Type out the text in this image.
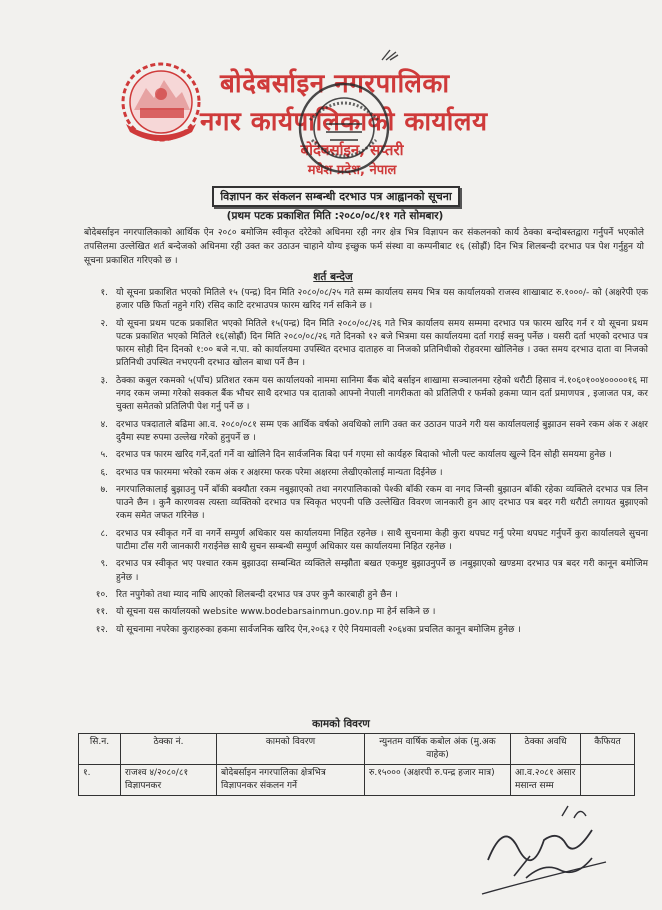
बोदेबर्साइन नगरपालिका
नगर कार्यपालिकाको कार्यालय
बोदेबर्साइन, सप्तरी
मधेश प्रदेश, नेपाल
विज्ञापन कर संकलन सम्बन्धी दरभाउ पत्र आह्वानको सूचना
(प्रथम पटक प्रकाशित मिति :२०८०/०८/११ गते सोमबार)
बोदेबर्साइन नगरपालिकाको आर्थिक ऐन २०८० बमोजिम स्वीकृत दरेटेको अधिनमा रही नगर क्षेत्र भित्र विज्ञापन कर संकलनको कार्य ठेक्का बन्दोबस्तद्वारा गर्नुपर्ने भएकोले तपसिलमा उल्लेखित शर्त बन्देजको अधिनमा रही उक्त कर उठाउन चाहाने योग्य इच्छुक फर्म संस्था वा कम्पनीबाट १६ (सोह्रौं) दिन भित्र शिलबन्दी दरभाउ पत्र पेश गर्नुहुन यो सूचना प्रकाशित गरिएको छ ।
शर्त बन्देज
१. यो सूचना प्रकाशित भएको मितिले १५ (पन्द्र) दिन मिति २०८०/०८/२५ गते सम्म कार्यालय समय भित्र यस कार्यालयको राजस्व शाखाबाट रु.१०००/- को (अक्षरेपी एक हजार पछि फिर्ता नहुने गरि) रसिद काटि दरभाउपत्र फारम खरिद गर्न सकिने छ ।
२. यो सूचना प्रथम पटक प्रकाशित भएको मितिले १५(पन्द्र) दिन मिति २०८०/०८/२६ गते भित्र कार्यालय समय सम्ममा दरभाउ पत्र फारम खरिद गर्न र यो सूचना प्रथम पटक प्रकाशित भएको मितिले १६(सोह्रौं) दिन मिति २०८०/०८/२६ गते दिनको १२ बजे भित्रमा यस कार्यालयमा दर्ता गराई सक्नु पर्नेछ । यसरी दर्ता भएको दरभाउ पत्र फारम सोही दिन दिनको १:०० बजे न.पा. को कार्यालयमा उपस्थित दरभाउ दाताहरु वा निजको प्रतिनिधीको रोहवरमा खोलिनेछ । उक्त समय दरभाउ दाता वा निजको प्रतिनिधी उपस्थित नभएपनी दरभाउ खोलन बाधा पर्ने छैन ।
३. ठेक्का कबुल रकमको ५(पाँच) प्रतिशत रकम यस कार्यालयको नाममा सानिमा बैंक बोदे बर्साइन शाखामा सञ्चालनमा रहेको धरौटी हिसाव नं.१०६०१००४०००००१६ मा नगद रकम जम्मा गरेको सक्कल बैंक भौचर साथै दरभाउ पत्र दाताको आफ्नो नेपाली नागरीकता को प्रतिलिपी र फर्मको हकमा प्यान दर्ता प्रमाणपत्र , इजाजत पत्र, कर चुक्ता समेतको प्रतिलिपी पेश गर्नु पर्ने छ ।
४. दरभाउ पत्रदाताले बढिमा आ.व. २०८०/०८१ सम्म एक आर्थिक वर्षको अवधिको लागि उक्त कर उठाउन पाउने गरी यस कार्यालयलाई बुझाउन सक्ने रकम अंक र अक्षर दुवैमा स्पष्ट रुपमा उल्लेख गरेको हुनुपर्ने छ ।
५. दरभाउ पत्र फारम खरिद गर्ने,दर्ता गर्ने वा खोलिने दिन सार्वजनिक बिदा पर्न गएमा सो कार्यहरु बिदाको भोली पल्ट कार्यालय खुल्ने दिन सोही समयमा हुनेछ ।
६. दरभाउ पत्र फारममा भरेको रकम अंक र अक्षरमा फरक परेमा अक्षरमा लेखीएकोलाई मान्यता दिईनेछ ।
७. नगरपालिकालाई बुझाउनु पर्ने बाँकी बक्यौता रकम नबुझाएको तथा नगरपालिकाको पेश्की बाँकी रकम वा नगद जिन्सी बुझाउन बाँकी रहेका व्यक्तिले दरभाउ पत्र लिन पाउने छैन । कुनै कारणवस त्यस्ता व्यक्तिको दरभाउ पत्र स्विकृत भएपनी पछि उल्लेखित विवरण जानकारी हुन आए दरभाउ पत्र बदर गरी धरौटी लगायत बुझाएको रकम समेत जफत गरिनेछ ।
८. दरभाउ पत्र स्वीकृत गर्ने वा नगर्ने सम्पुर्ण अधिकार यस कार्यालयमा निहित रहनेछ । साथै सुचनामा केही कुरा थपघट गर्नु परेमा थपघट गर्नुपर्ने कुरा कार्यालयले सुचना पाटीमा टाँस गरी जानकारी गराईनेछ साथै सुचन सम्बन्धी सम्पुर्ण अधिकार यस कार्यालयमा निहित रहनेछ ।
९. दरभाउ पत्र स्वीकृत भए पश्चात रकम बुझाउदा सम्बन्धित व्यक्तिले सम्झौता बखत एकमुष्ट बुझाउनुपर्ने छ ।नबुझाएको खण्डमा दरभाउ पत्र बदर गरी कानून बमोजिम हुनेछ ।
१०. रित नपुगेको तथा म्याद नाघि आएको शिलबन्दी दरभाउ पत्र उपर कुनै कारबाही हुने छैन ।
११. यो सूचना यस कार्यालयको website www.bodebarsainmun.gov.np मा हेर्न सकिने छ ।
१२. यो सूचनामा नपरेका कुराहरुका हकमा सार्वजनिक खरिद ऐन,२०६३ र ऐऐ नियमावली २०६४का प्रचलित कानून बमोजिम हुनेछ ।
कामको विवरण
सि.न.	ठेक्का नं.	कामको विवरण	न्युनतम वार्षिक कबोल अंक (मु.अक वाहेक)	ठेक्का अवधि	कैफियत
१.	राजश्व ४/२०८०/८१ विज्ञापनकर	बोदेबर्साइन नगरपालिका क्षेत्रभित्र विज्ञापनकर संकलन गर्ने	रु.१५००० (अक्षरपी रु.पन्द्र हजार मात्र)	आ.व.२०८१ असार मसान्त सम्म	
